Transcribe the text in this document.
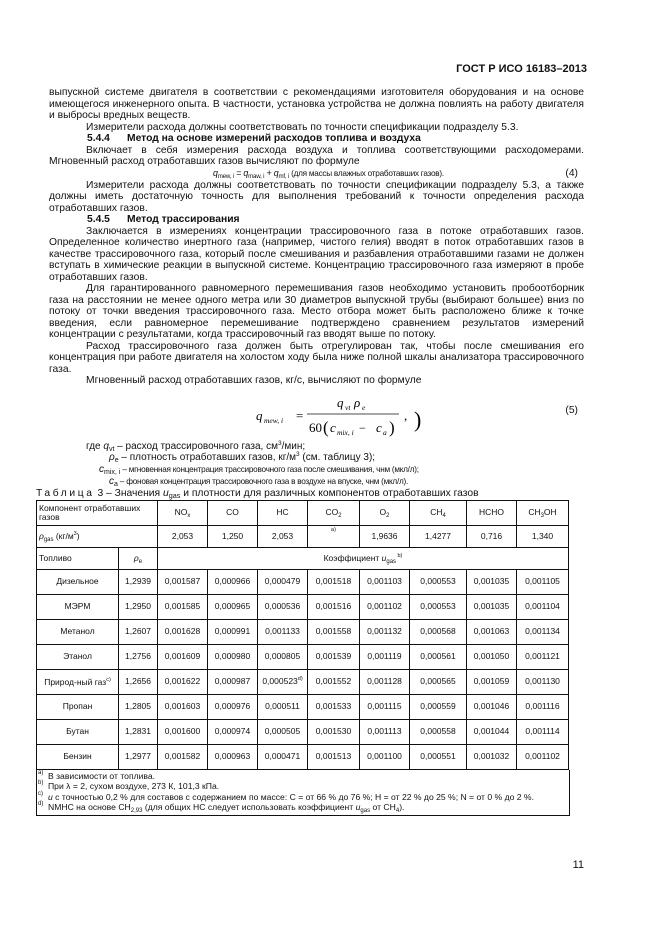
ГОСТ Р ИСО 16183–2013

выпускной системе двигателя в соответствии с рекомендациями изготовителя оборудования и на основе имеющегося инженерного опыта. В частности, установка устройства не должна повлиять на работу двигателя и выбросы вредных веществ.

Измерители расхода должны соответствовать по точности спецификации подразделу 5.3.

5.4.4 Метод на основе измерений расходов топлива и воздуха

Включает в себя измерения расхода воздуха и топлива соответствующими расходомерами. Мгновенный расход отработавших газов вычисляют по формуле

$q_{mew, i} = q_{maw, i} + q_{mf, i}$ (для массы влажных отработавших газов).	(4)

Измерители расхода должны соответствовать по точности спецификации подразделу 5.3, а также должны иметь достаточную точность для выполнения требований к точности определения расхода отработавших газов.

5.4.5 Метод трассирования

Заключается в измерениях концентрации трассировочного газа в потоке отработавших газов. Определенное количество инертного газа (например, чистого гелия) вводят в поток отработавших газов в качестве трассировочного газа, который после смешивания и разбавления отработавшими газами не должен вступать в химические реакции в выпускной системе. Концентрацию трассировочного газа измеряют в пробе отработавших газов.

Для гарантированного равномерного перемешивания газов необходимо установить пробоотборник газа на расстоянии не менее одного метра или 30 диаметров выпускной трубы (выбирают большее) вниз по потоку от точки введения трассировочного газа. Место отбора может быть расположено ближе к точке введения, если равномерное перемешивание подтверждено сравнением результатов измерений концентрации с результатами, когда трассировочный газ вводят выше по потоку.

Расход трассировочного газа должен быть отрегулирован так, чтобы после смешивания его концентрация при работе двигателя на холостом ходу была ниже полной шкалы анализатора трассировочного газа.

Мгновенный расход отработавших газов, кг/с, вычисляют по формуле

q mew, i =
q vt ρ e
60 ( c mix, i − c a )
, )	(5)
где $q_{vt}$ – расход трассировочного газа, $см^3$/мин;
$\rho_e$ – плотность отработавших газов, $кг/м^3$ (см. таблицу 3);
$c_{mix, i}$ – мгновенная концентрация трассировочного газа после смешивания, чнм (мкл/л);
$c_a$ – фоновая концентрация трассировочного газа в воздухе на впуске, чнм (мкл/л).
Таблица 3 – Значения $u_{gas}$ и плотности для различных компонентов отработавших газов
Компонент отработавших газов		$NO_x$	CO	HC	$CO_2$	$O_2$	$CH_4$	HCHO	$CH_3OH$
$\rho_{gas}$ $(кг/м^3)$		2,053	1,250	2,053	a)	1,9636	1,4277	0,716	1,340
Топливо	$\rho_e$	Коэффициент $u_{gas}$ $^{b)}$
Дизельное	1,2939	0,001587	0,000966	0,000479	0,001518	0,001103	0,000553	0,001035	0,001105
МЭРМ	1,2950	0,001585	0,000965	0,000536	0,001516	0,001102	0,000553	0,001035	0,001104
Метанол	1,2607	0,001628	0,000991	0,001133	0,001558	0,001132	0,000568	0,001063	0,001134
Этанол	1,2756	0,001609	0,000980	0,000805	0,001539	0,001119	0,000561	0,001050	0,001121
Природ-ный газ$^{c)}$	1,2656	0,001622	0,000987	0,000523$^{d)}$	0,001552	0,001128	0,000565	0,001059	0,001130
Пропан	1,2805	0,001603	0,000976	0,000511	0,001533	0,001115	0,000559	0,001046	0,001116
Бутан	1,2831	0,001600	0,000974	0,000505	0,001530	0,001113	0,000558	0,001044	0,001114
Бензин	1,2977	0,001582	0,000963	0,000471	0,001513	0,001100	0,000551	0,001032	0,001102
a) В зависимости от топлива.
b) При λ = 2, сухом воздухе, 273 К, 101,3 кПа.
c) u с точностью 0,2 % для составов с содержанием по массе: С = от 66 % до 76 %; Н = от 22 % до 25 %; N = от 0 % до 2 %.
d) NMHC на основе $CH_{2,93}$ (для общих НС следует использовать коэффициент $u_{gas}$ от $CH_4$).
11
